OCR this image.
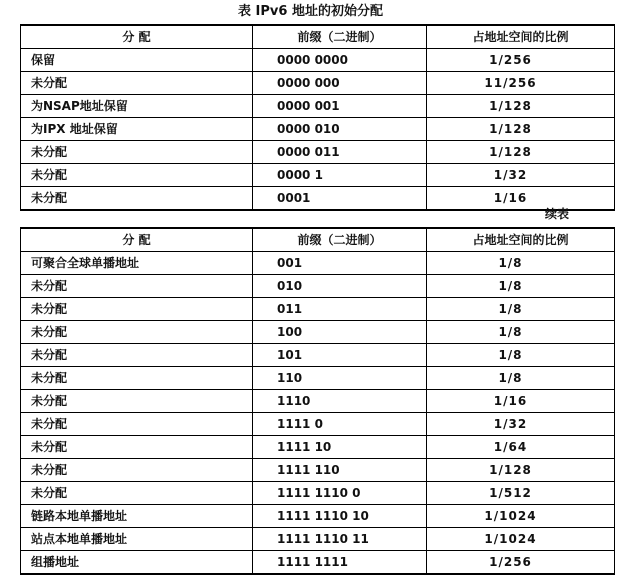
表 IPv6 地址的初始分配
分 配	前缀（二进制）	占地址空间的比例
保留	0000 0000	1/256
未分配	0000 000	11/256
为NSAP地址保留	0000 001	1/128
为IPX 地址保留	0000 010	1/128
未分配	0000 011	1/128
未分配	0000 1	1/32
未分配	0001	1/16
续表
分 配	前缀（二进制）	占地址空间的比例
可聚合全球单播地址	001	1/8
未分配	010	1/8
未分配	011	1/8
未分配	100	1/8
未分配	101	1/8
未分配	110	1/8
未分配	1110	1/16
未分配	1111 0	1/32
未分配	1111 10	1/64
未分配	1111 110	1/128
未分配	1111 1110 0	1/512
链路本地单播地址	1111 1110 10	1/1024
站点本地单播地址	1111 1110 11	1/1024
组播地址	1111 1111	1/256
